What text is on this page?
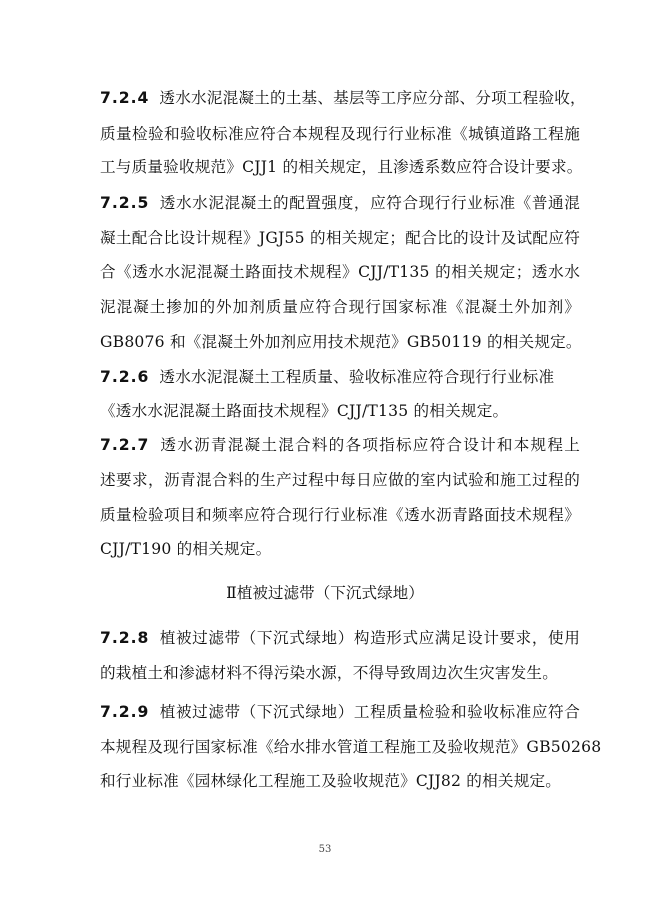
7.2.4 透水水泥混凝土的土基、基层等工序应分部、分项工程验收，
质量检验和验收标准应符合本规程及现行行业标准《城镇道路工程施
工与质量验收规范》CJJ1 的相关规定，且渗透系数应符合设计要求。
7.2.5 透水水泥混凝土的配置强度，应符合现行行业标准《普通混
凝土配合比设计规程》JGJ55 的相关规定；配合比的设计及试配应符
合《透水水泥混凝土路面技术规程》CJJ/T135 的相关规定；透水水
泥混凝土掺加的外加剂质量应符合现行国家标准《混凝土外加剂》
GB8076 和《混凝土外加剂应用技术规范》GB50119 的相关规定。
7.2.6 透水水泥混凝土工程质量、验收标准应符合现行行业标准
《透水水泥混凝土路面技术规程》CJJ/T135 的相关规定。
7.2.7 透水沥青混凝土混合料的各项指标应符合设计和本规程上
述要求，沥青混合料的生产过程中每日应做的室内试验和施工过程的
质量检验项目和频率应符合现行行业标准《透水沥青路面技术规程》
CJJ/T190 的相关规定。
Ⅱ植被过滤带（下沉式绿地）
7.2.8 植被过滤带（下沉式绿地）构造形式应满足设计要求，使用
的栽植土和渗滤材料不得污染水源，不得导致周边次生灾害发生。
7.2.9 植被过滤带（下沉式绿地）工程质量检验和验收标准应符合
本规程及现行国家标准《给水排水管道工程施工及验收规范》GB50268
和行业标准《园林绿化工程施工及验收规范》CJJ82 的相关规定。
53
